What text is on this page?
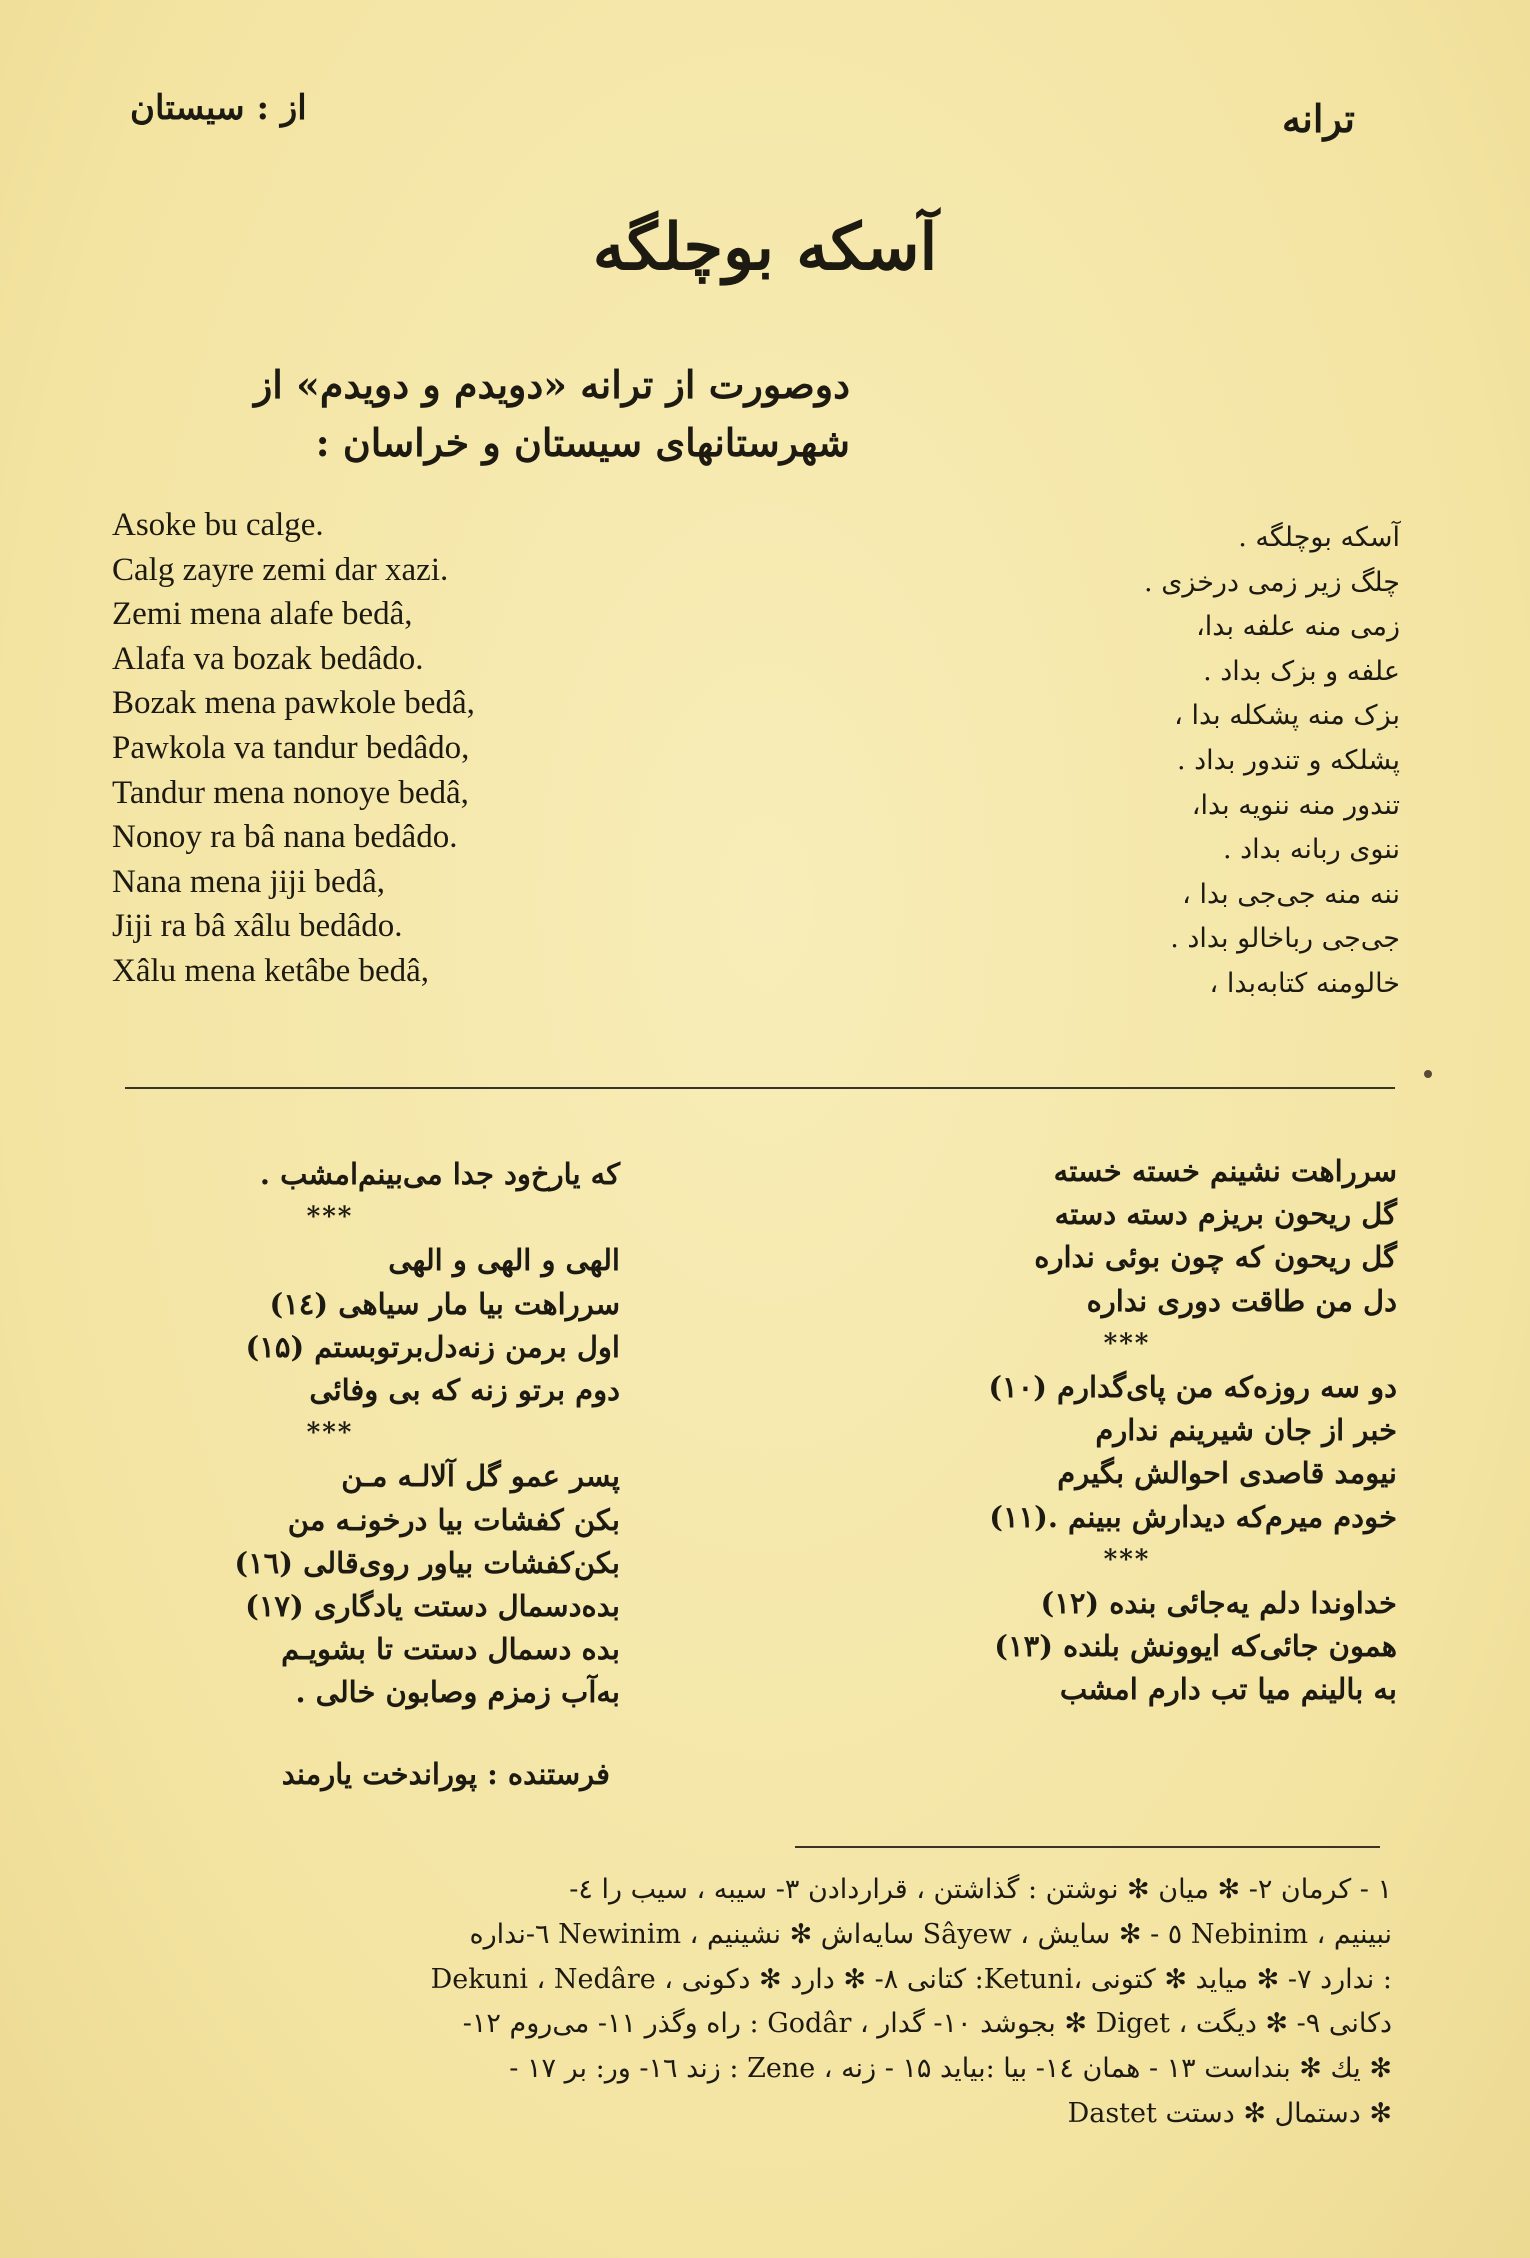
ترانه
از : سیستان
آسکه بوچلگه
دوصورت از ترانه «دویدم و دویدم» از
شهرستانهای سیستان و خراسان :
Asoke bu calge.
Calg zayre zemi dar xazi.
Zemi mena alafe bedâ,
Alafa va bozak bedâdo.
Bozak mena pawkole bedâ,
Pawkola va tandur bedâdo,
Tandur mena nonoye bedâ,
Nonoy ra bâ nana bedâdo.
Nana mena jiji bedâ,
Jiji ra bâ xâlu bedâdo.
Xâlu mena ketâbe bedâ,
آسکه بوچلگه .
چلگ زیر زمی درخزی .
زمی منه علفه بدا،
علفه و بزک بداد .
بزک منه پشکله بدا ،
پشلکه و تندور بداد .
تندور منه ننویه بدا،
ننوی ربانه بداد .
ننه منه جی‌جی بدا ،
جی‌جی رباخالو بداد .
خالومنه کتابه‌بدا ،
سرراهت نشینم خسته خسته
گل ریحون بریزم دسته دسته
گل ریحون که چون بوئی نداره
دل من طاقت دوری نداره
***
دو سه روزه‌که من پای‌گدارم (۱۰)
خبر از جان شیرینم ندارم
نیومد قاصدی احوالش بگیرم
خودم میرم‌که دیدارش ببینم .(۱۱)
***
خداوندا دلم یه‌جائی بنده (۱۲)
همون جائی‌که ایوونش بلنده (۱۳)
به بالینم میا تب دارم امشب
که یارخ‌ود جدا می‌بینم‌امشب .
***
الهی و الهی و الهی
سرراهت بیا مار سیاهی (۱٤)
اول برمن زنه‌دل‌برتوبستم (۱۵)
دوم برتو زنه که بی وفائی
***
پسر عمو گل آلالـه مـن
بکن کفشات بیا درخونـه من
بکن‌کفشات بیاور روی‌قالی (۱٦)
بده‌دسمال دستت یادگاری (۱۷)
بده دسمال دستت تا بشویـم
به‌آب زمزم وصابون خالی .
فرستنده : پوراندخت یارمند
۱ - کرمان ۲- ✻ میان ✻ نوشتن : گذاشتن ، قراردادن ۳- سیبه ، سیب را ٤-
نبینیم ، Nebinim ٥ - ✻ سایش ، Sâyew سایه‌اش ✻ نشینیم ، Newinim ٦-نداره
: ندارد ۷- ✻ میاید ✻ کتونی ،Ketuni: کتانی ۸- ✻ دارد ✻ دکونی ، Dekuni ، Nedâre
دکانی ۹- ✻ دیگت ، Diget ✻ بجوشد ۱۰- گدار ، Godâr : راه وگذر ۱۱- می‌روم ۱۲-
✻ یك ✻ بنداست ۱۳ - همان ۱٤- بیا :بیاید ۱۵ - زنه ، Zene : زند ۱٦- ور: بر ۱۷ -
✻ دستمال ✻ دستت Dastet
